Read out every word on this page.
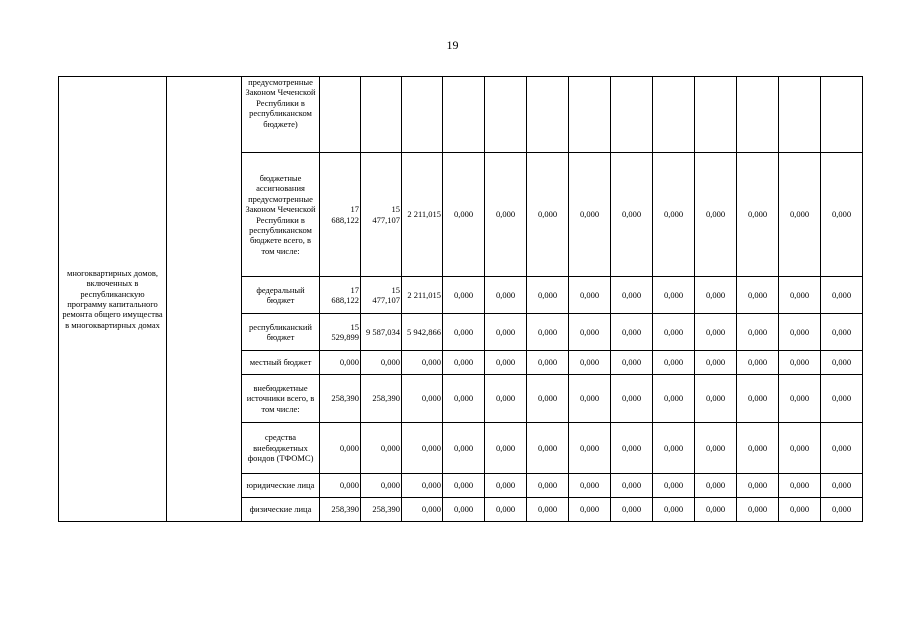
19
многоквартирных домов, включенных в республиканскую программу капитального ремонта общего имущества в многоквартирных домах		предусмотренные Законом Чеченской Республики в республиканском бюджете)													
		бюджетные ассигнования предусмотренные Законом Чеченской Республики в республиканском бюджете всего, в том числе:	17 688,122	15 477,107	2 211,015	0,000	0,000	0,000	0,000	0,000	0,000	0,000	0,000	0,000	0,000
		федеральный бюджет	17 688,122	15 477,107	2 211,015	0,000	0,000	0,000	0,000	0,000	0,000	0,000	0,000	0,000	0,000
		республиканский бюджет	15 529,899	9 587,034	5 942,866	0,000	0,000	0,000	0,000	0,000	0,000	0,000	0,000	0,000	0,000
		местный бюджет	0,000	0,000	0,000	0,000	0,000	0,000	0,000	0,000	0,000	0,000	0,000	0,000	0,000
		внебюджетные источники всего, в том числе:	258,390	258,390	0,000	0,000	0,000	0,000	0,000	0,000	0,000	0,000	0,000	0,000	0,000
		средства внебюджетных фондов (ТФОМС)	0,000	0,000	0,000	0,000	0,000	0,000	0,000	0,000	0,000	0,000	0,000	0,000	0,000
		юридические лица	0,000	0,000	0,000	0,000	0,000	0,000	0,000	0,000	0,000	0,000	0,000	0,000	0,000
		физические лица	258,390	258,390	0,000	0,000	0,000	0,000	0,000	0,000	0,000	0,000	0,000	0,000	0,000
